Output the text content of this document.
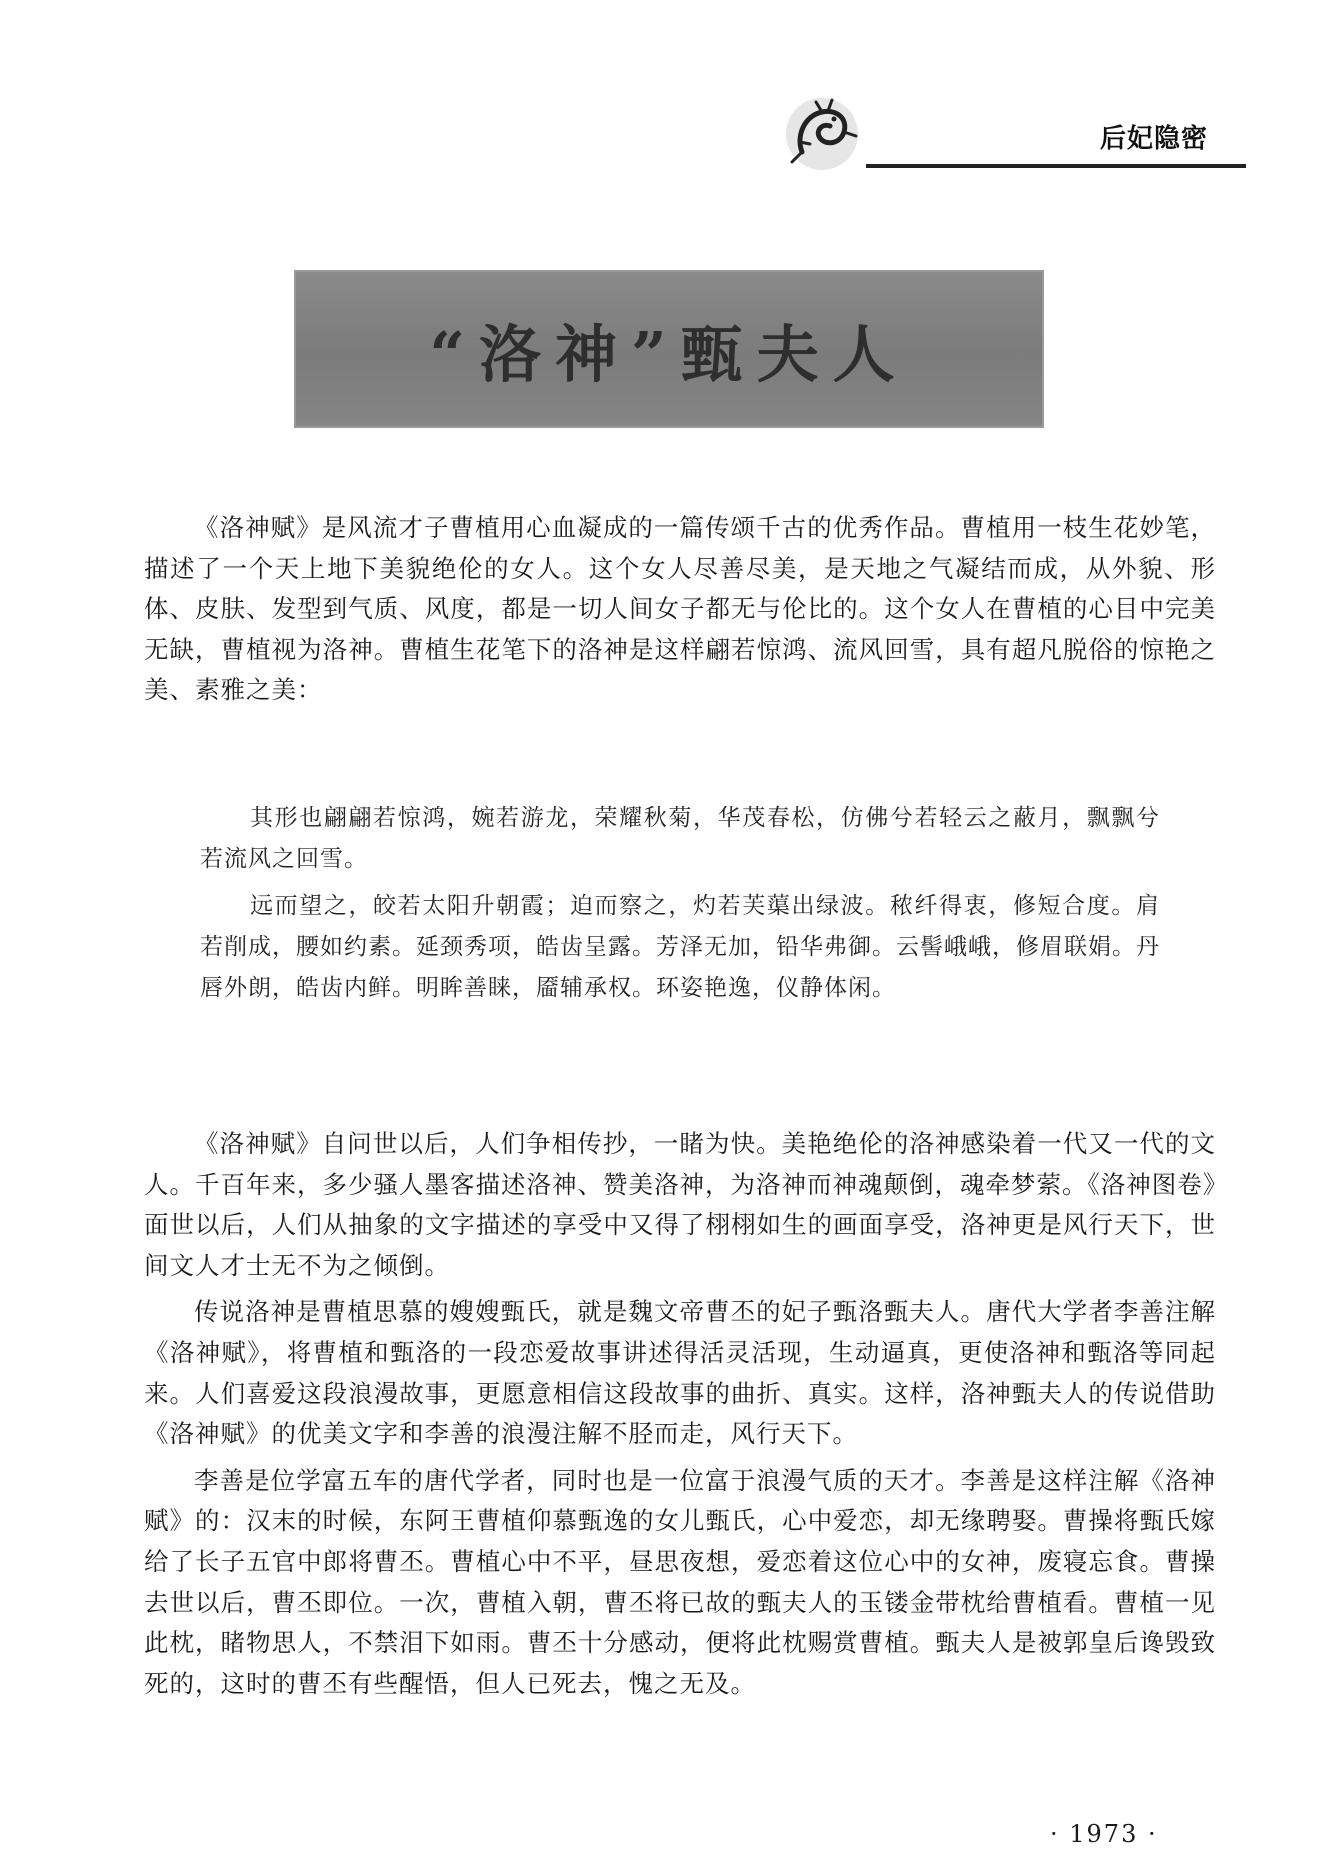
后妃隐密
“洛神”甄夫人

《洛神赋》是风流才子曹植用心血凝成的一篇传颂千古的优秀作品。曹植用一枝生花妙笔，描述了一个天上地下美貌绝伦的女人。这个女人尽善尽美，是天地之气凝结而成，从外貌、形体、皮肤、发型到气质、风度，都是一切人间女子都无与伦比的。这个女人在曹植的心目中完美无缺，曹植视为洛神。曹植生花笔下的洛神是这样翩若惊鸿、流风回雪，具有超凡脱俗的惊艳之美、素雅之美：

其形也翩翩若惊鸿，婉若游龙，荣耀秋菊，华茂春松，仿佛兮若轻云之蔽月，飘飘兮若流风之回雪。

远而望之，皎若太阳升朝霞；迫而察之，灼若芙蕖出绿波。秾纤得衷，修短合度。肩若削成，腰如约素。延颈秀项，皓齿呈露。芳泽无加，铅华弗御。云髻峨峨，修眉联娟。丹唇外朗，皓齿内鲜。明眸善睐，靥辅承权。环姿艳逸，仪静体闲。

《洛神赋》自问世以后，人们争相传抄，一睹为快。美艳绝伦的洛神感染着一代又一代的文人。千百年来，多少骚人墨客描述洛神、赞美洛神，为洛神而神魂颠倒，魂牵梦萦。《洛神图卷》面世以后，人们从抽象的文字描述的享受中又得了栩栩如生的画面享受，洛神更是风行天下，世间文人才士无不为之倾倒。

传说洛神是曹植思慕的嫂嫂甄氏，就是魏文帝曹丕的妃子甄洛甄夫人。唐代大学者李善注解《洛神赋》，将曹植和甄洛的一段恋爱故事讲述得活灵活现，生动逼真，更使洛神和甄洛等同起来。人们喜爱这段浪漫故事，更愿意相信这段故事的曲折、真实。这样，洛神甄夫人的传说借助《洛神赋》的优美文字和李善的浪漫注解不胫而走，风行天下。

李善是位学富五车的唐代学者，同时也是一位富于浪漫气质的天才。李善是这样注解《洛神赋》的：汉末的时候，东阿王曹植仰慕甄逸的女儿甄氏，心中爱恋，却无缘聘娶。曹操将甄氏嫁给了长子五官中郎将曹丕。曹植心中不平，昼思夜想，爱恋着这位心中的女神，废寝忘食。曹操去世以后，曹丕即位。一次，曹植入朝，曹丕将已故的甄夫人的玉镂金带枕给曹植看。曹植一见此枕，睹物思人，不禁泪下如雨。曹丕十分感动，便将此枕赐赏曹植。甄夫人是被郭皇后谗毁致死的，这时的曹丕有些醒悟，但人已死去，愧之无及。

· 1973 ·
